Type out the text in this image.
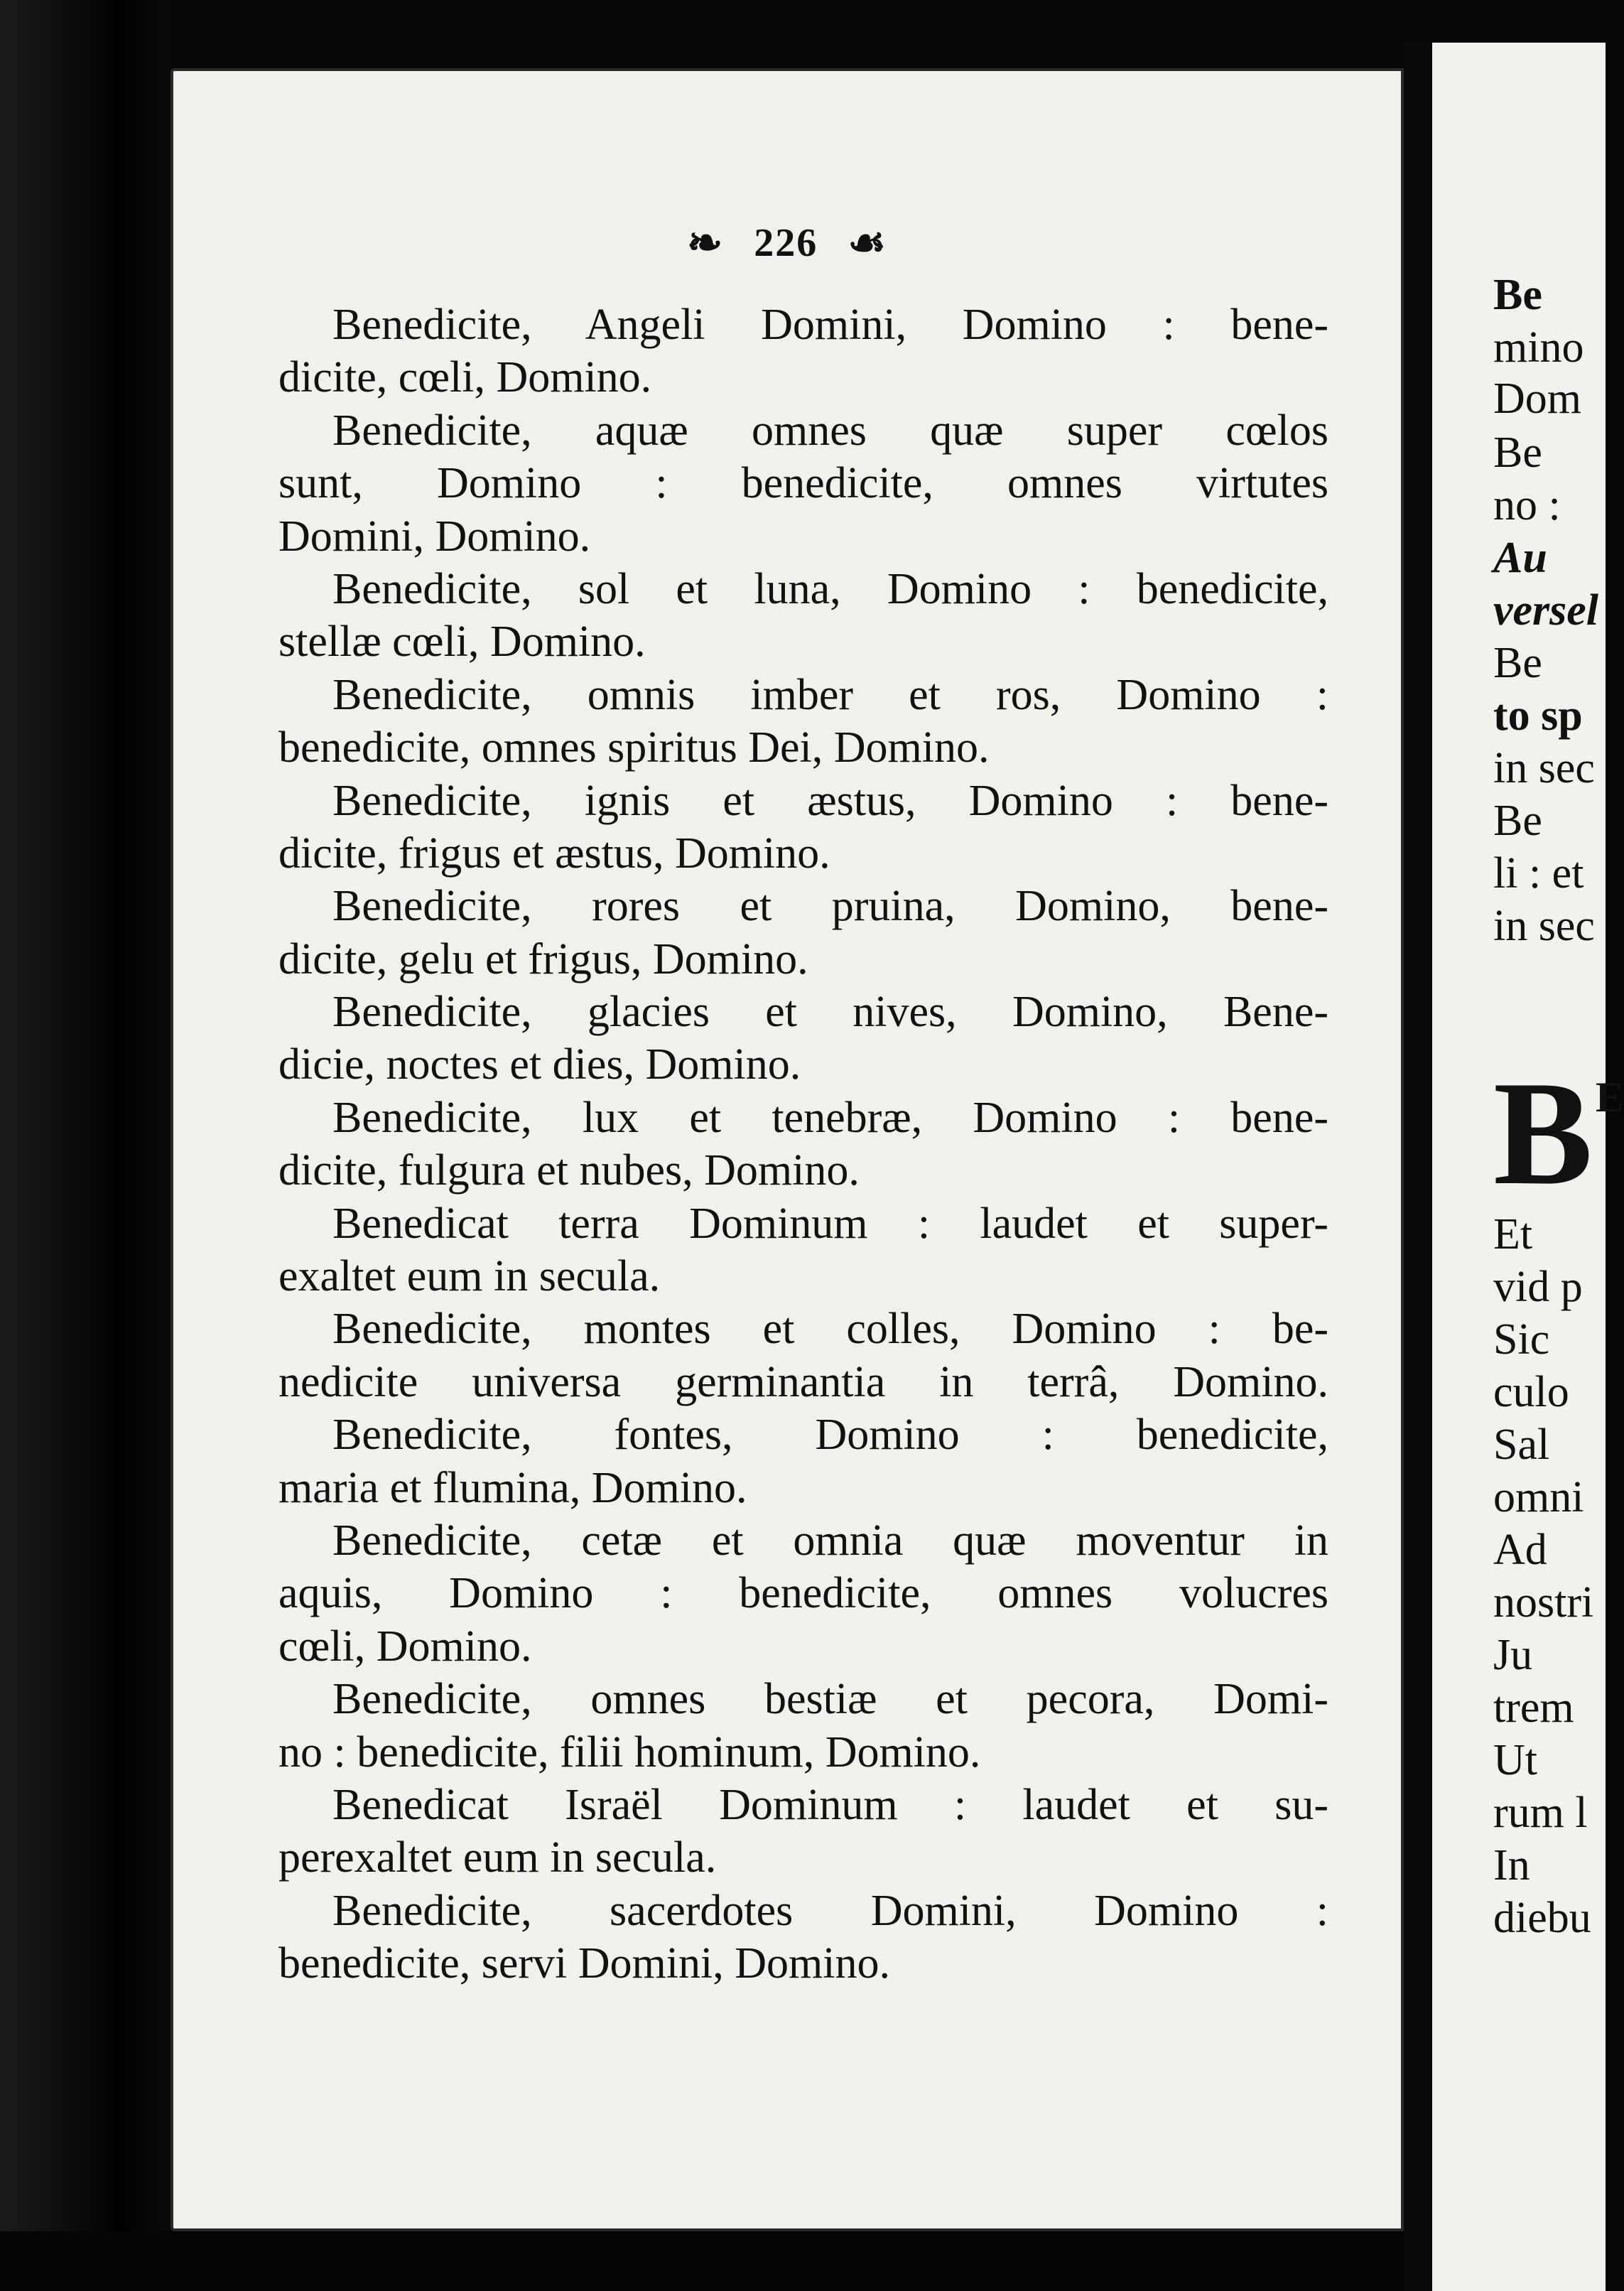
❧ 226 ☙
Benedicite, Angeli Domini, Domino : bene-
dicite, cœli, Domino.
Benedicite, aquæ omnes quæ super cœlos
sunt, Domino : benedicite, omnes virtutes
Domini, Domino.
Benedicite, sol et luna, Domino : benedicite,
stellæ cœli, Domino.
Benedicite, omnis imber et ros, Domino :
benedicite, omnes spiritus Dei, Domino.
Benedicite, ignis et æstus, Domino : bene-
dicite, frigus et æstus, Domino.
Benedicite, rores et pruina, Domino, bene-
dicite, gelu et frigus, Domino.
Benedicite, glacies et nives, Domino, Bene-
dicie, noctes et dies, Domino.
Benedicite, lux et tenebræ, Domino : bene-
dicite, fulgura et nubes, Domino.
Benedicat terra Dominum : laudet et super-
exaltet eum in secula.
Benedicite, montes et colles, Domino : be-
nedicite universa germinantia in terrâ, Domino.
Benedicite, fontes, Domino : benedicite,
maria et flumina, Domino.
Benedicite, cetæ et omnia quæ moventur in
aquis, Domino : benedicite, omnes volucres
cœli, Domino.
Benedicite, omnes bestiæ et pecora, Domi-
no : benedicite, filii hominum, Domino.
Benedicat Israël Dominum : laudet et su-
perexaltet eum in secula.
Benedicite, sacerdotes Domini, Domino :
benedicite, servi Domini, Domino.
Be
mino
Dom
Be
no :
Au
versel
Be
to sp
in sec
Be
li : et
in sec
B E
Et
vid p
Sic
culo
Sal
omni
Ad
nostri
Ju
trem
Ut
rum l
In
diebu
